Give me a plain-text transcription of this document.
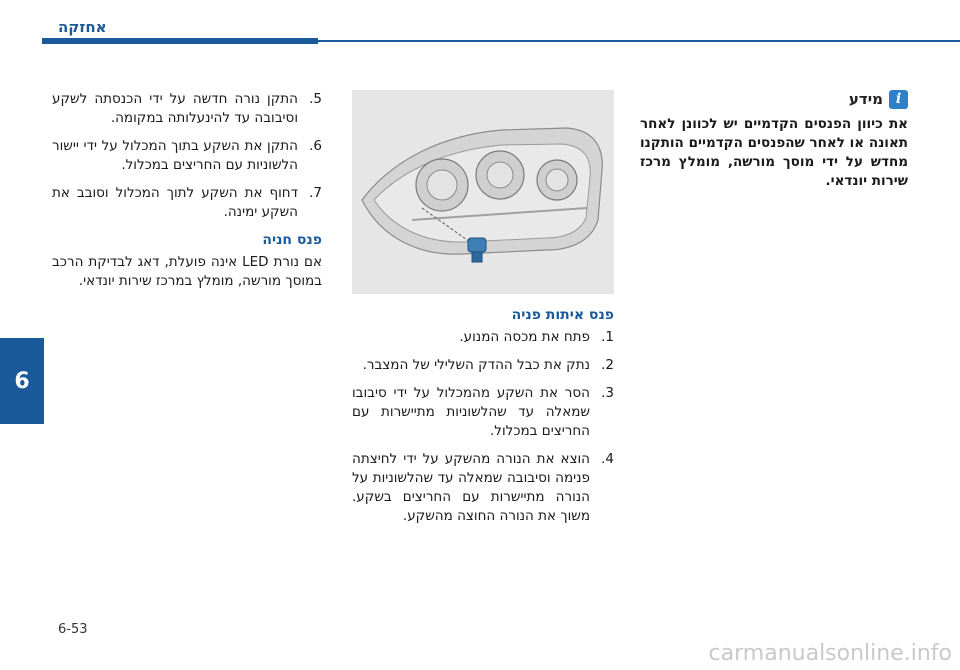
אחזקה
6
.5
התקן נורה חדשה על ידי הכנסתה לשקע וסיבובה עד להינעלותה במקומה.
.6
התקן את השקע בתוך המכלול על ידי יישור הלשוניות עם החריצים במכלול.
.7
דחוף את השקע לתוך המכלול וסובב את השקע ימינה.
פנס חניה
אם נורת LED אינה פועלת, דאג לבדיקת הרכב במוסך מורשה, מומלץ במרכז שירות יונדאי.
פנס איתות פניה
.1
פתח את מכסה המנוע.
.2
נתק את כבל ההדק השלילי של המצבר.
.3
הסר את השקע מהמכלול על ידי סיבובו שמאלה עד שהלשוניות מתיישרות עם החריצים במכלול.
.4
הוצא את הנורה מהשקע על ידי לחיצתה פנימה וסיבובה שמאלה עד שהלשוניות על הנורה מתיישרות עם החריצים בשקע. משוך את הנורה החוצה מהשקע.
i
מידע
את כיוון הפנסים הקדמיים יש לכוונן לאחר תאונה או לאחר שהפנסים הקדמיים הותקנו מחדש על ידי מוסך מורשה, מומלץ מרכז שירות יונדאי.
6-53
carmanualsonline.info
